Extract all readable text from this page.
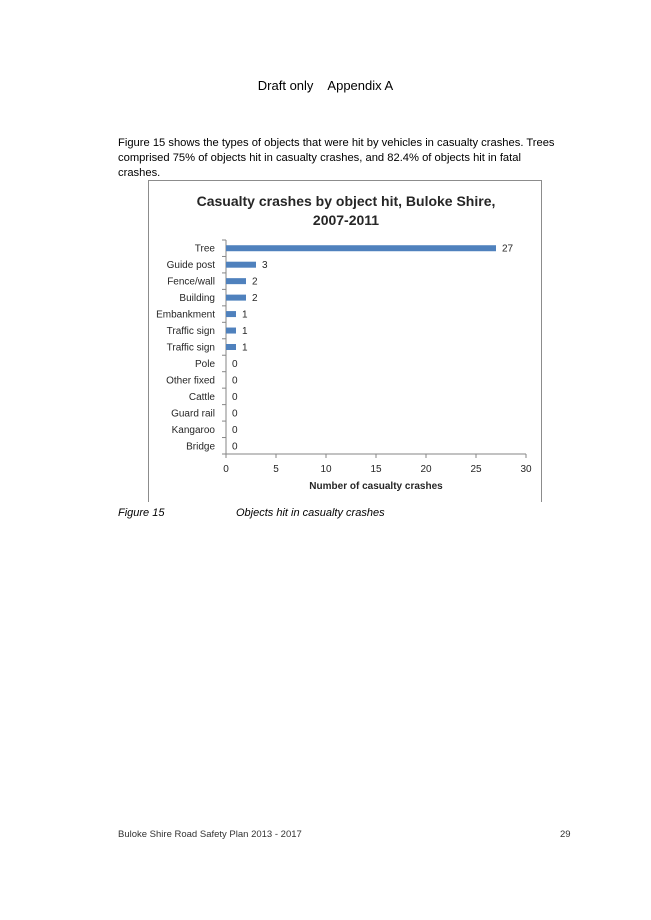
Draft only Appendix A
Figure 15 shows the types of objects that were hit by vehicles in casualty crashes. Trees comprised 75% of objects hit in casualty crashes, and 82.4% of objects hit in fatal crashes.
Casualty crashes by object hit, Buloke Shire,
2007-2011
Tree	27
Guide post	3
Fence/wall	2
Building	2
Embankment	1
Traffic sign	1
Traffic sign	1
Pole 0
Other fixed 0
Cattle 0
Guard rail 0
Kangaroo 0
Bridge 0
0	5	10	15	20	25	30
Number of casualty crashes
Figure 15	Objects hit in casualty crashes
Buloke Shire Road Safety Plan 2013 - 2017	29
